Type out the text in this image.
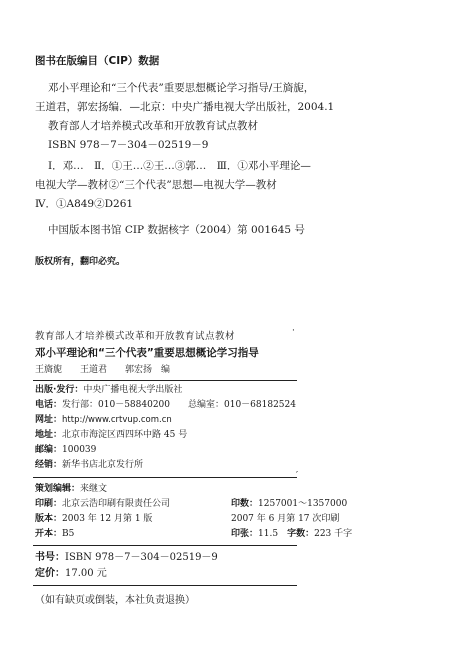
图书在版编目（CIP）数据
邓小平理论和“三个代表”重要思想概论学习指导/王旖旎，
王道君，郭宏扬编．—北京：中央广播电视大学出版社，2004.1
教育部人才培养模式改革和开放教育试点教材
ISBN 978－7－304－02519－9
Ⅰ．邓…　Ⅱ．①王…②王…③郭…　Ⅲ．①邓小平理论—
电视大学—教材②“三个代表”思想—电视大学—教材
Ⅳ．①A849②D261
中国版本图书馆 CIP 数据核字（2004）第 001645 号
版权所有，翻印必究。
教育部人才培养模式改革和开放教育试点教材	·
邓小平理论和“三个代表”重要思想概论学习指导
王旖旎　　王道君　　郭宏扬　编
出版·发行：中央广播电视大学出版社
电话：发行部：010－58840200　　总编室：010－68182524
网址：http://www.crtvup.com.cn
地址：北京市海淀区西四环中路 45 号
邮编：100039
经销：新华书店北京发行所
′
策划编辑：来继文
印刷：北京云浩印刷有限责任公司	印数：1257001～1357000
版本：2003 年 12 月第 1 版	2007 年 6 月第 17 次印刷
开本：B5	印张：11.5　 字数：223 千字
书号：ISBN 978－7－304－02519－9
定价：17.00 元
（如有缺页或倒装，本社负责退换）
